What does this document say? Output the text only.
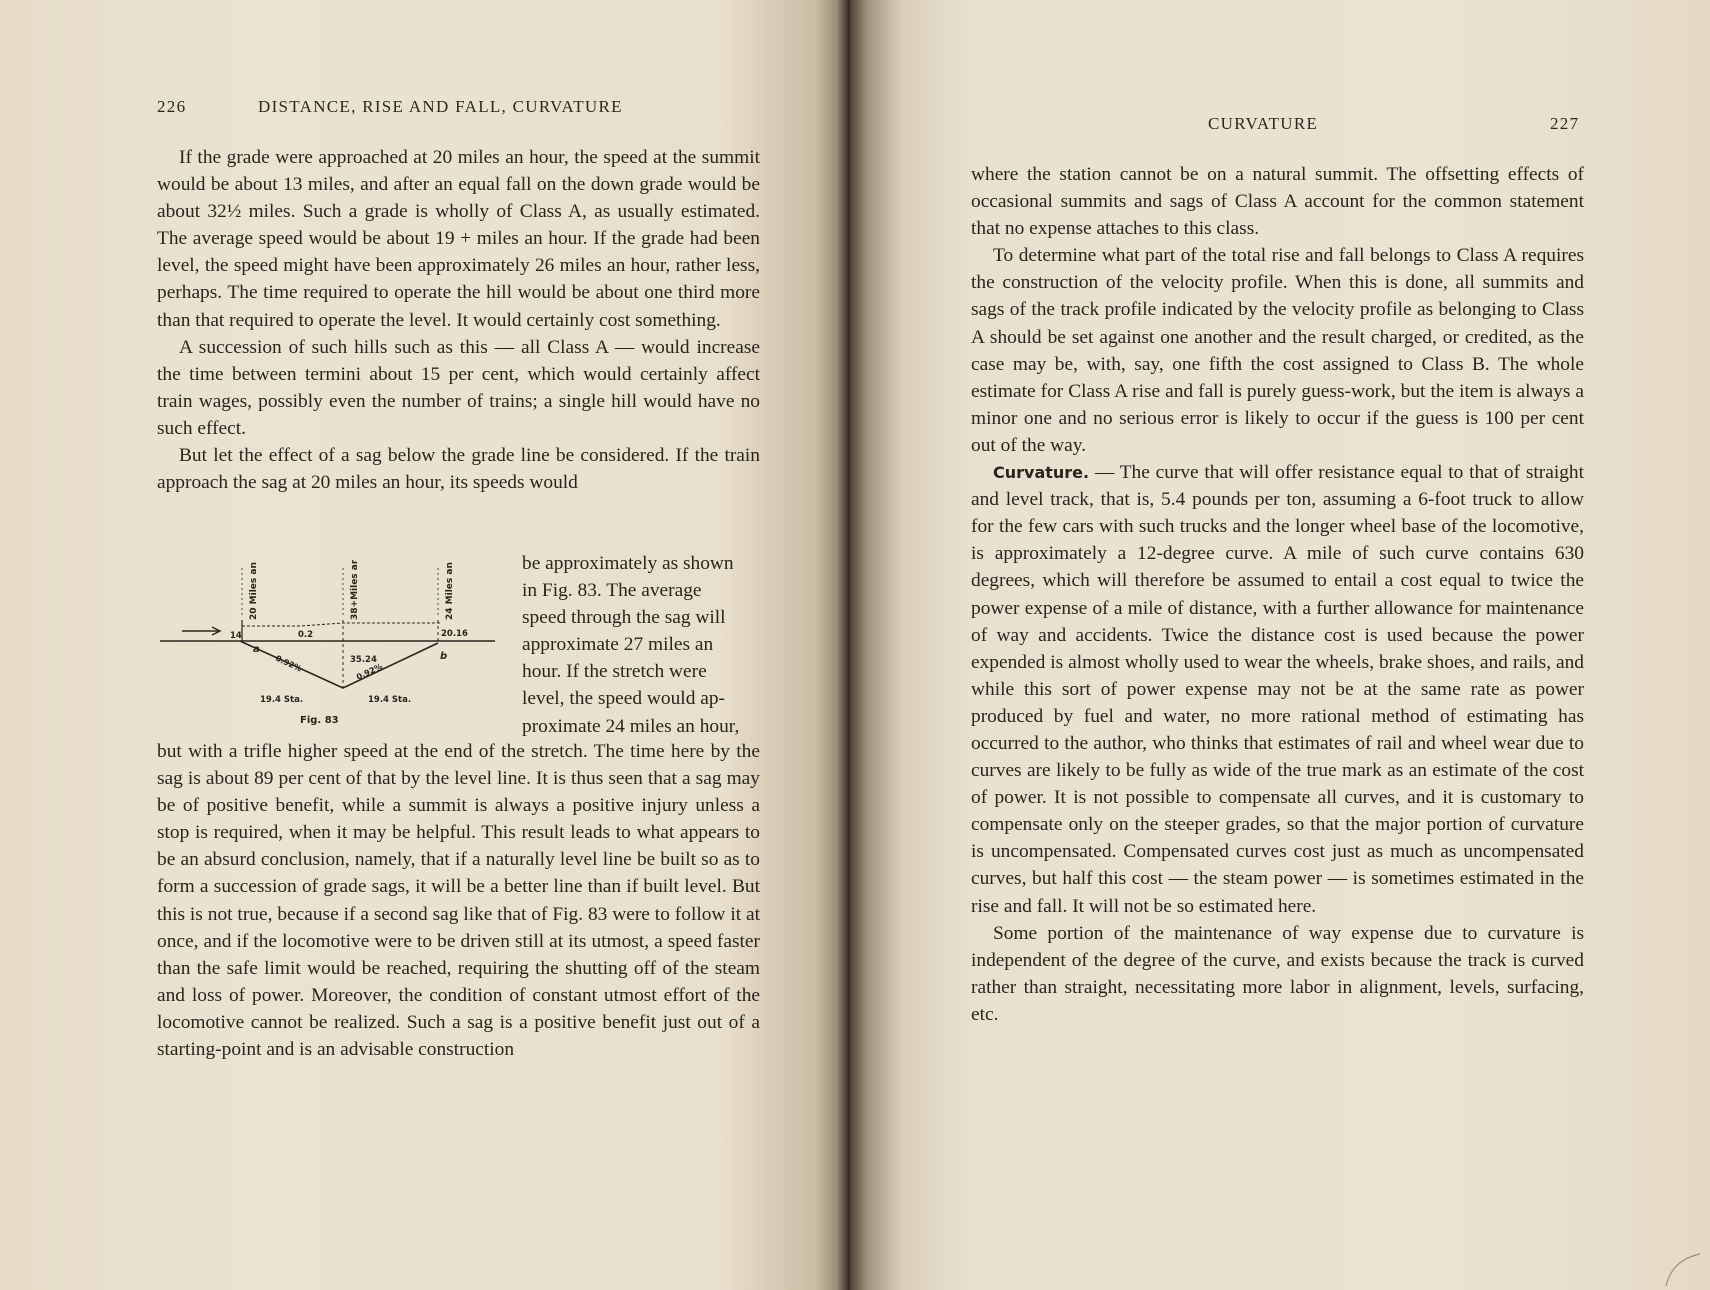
226	DISTANCE, RISE AND FALL, CURVATURE

If the grade were approached at 20 miles an hour, the speed at the summit would be about 13 miles, and after an equal fall on the down grade would be about 32½ miles. Such a grade is wholly of Class A, as usually estimated. The average speed would be about 19 + miles an hour. If the grade had been level, the speed might have been approximately 26 miles an hour, rather less, perhaps. The time required to operate the hill would be about one third more than that required to operate the level. It would certainly cost something.

A succession of such hills such as this — all Class A — would increase the time between termini about 15 per cent, which would certainly affect train wages, possibly even the number of trains; a single hill would have no such effect.

But let the effect of a sag below the grade line be considered. If the train approach the sag at 20 miles an hour, its speeds would

be approximately as shown

in Fig. 83. The average

speed through the sag will

approximate 27 miles an

hour. If the stretch were

level, the speed would ap-

proximate 24 miles an hour,

20 Miles an Hour.	38+Miles an Hour.	24 Miles an Hour.
14	0.2
35.24
20.16
0.92%	0.92%
a
b
19.4 Sta.	19.4 Sta.
Fig. 83

but with a trifle higher speed at the end of the stretch. The time here by the sag is about 89 per cent of that by the level line. It is thus seen that a sag may be of positive benefit, while a summit is always a positive injury unless a stop is required, when it may be helpful. This result leads to what appears to be an absurd conclusion, namely, that if a naturally level line be built so as to form a succession of grade sags, it will be a better line than if built level. But this is not true, because if a second sag like that of Fig. 83 were to follow it at once, and if the locomotive were to be driven still at its utmost, a speed faster than the safe limit would be reached, requiring the shutting off of the steam and loss of power. Moreover, the condition of constant utmost effort of the locomotive cannot be realized. Such a sag is a positive benefit just out of a starting-point and is an advisable construction

CURVATURE	227

where the station cannot be on a natural summit. The offsetting effects of occasional summits and sags of Class A account for the common statement that no expense attaches to this class.

To determine what part of the total rise and fall belongs to Class A requires the construction of the velocity profile. When this is done, all summits and sags of the track profile indicated by the velocity profile as belonging to Class A should be set against one another and the result charged, or credited, as the case may be, with, say, one fifth the cost assigned to Class B. The whole estimate for Class A rise and fall is purely guess-work, but the item is always a minor one and no serious error is likely to occur if the guess is 100 per cent out of the way.

Curvature. — The curve that will offer resistance equal to that of straight and level track, that is, 5.4 pounds per ton, assuming a 6-foot truck to allow for the few cars with such trucks and the longer wheel base of the locomotive, is approximately a 12-degree curve. A mile of such curve contains 630 degrees, which will therefore be assumed to entail a cost equal to twice the power expense of a mile of distance, with a further allowance for maintenance of way and accidents. Twice the distance cost is used because the power expended is almost wholly used to wear the wheels, brake shoes, and rails, and while this sort of power expense may not be at the same rate as power produced by fuel and water, no more rational method of estimating has occurred to the author, who thinks that estimates of rail and wheel wear due to curves are likely to be fully as wide of the true mark as an estimate of the cost of power. It is not possible to compensate all curves, and it is customary to compensate only on the steeper grades, so that the major portion of curvature is uncompensated. Compensated curves cost just as much as uncompensated curves, but half this cost — the steam power — is sometimes estimated in the rise and fall. It will not be so estimated here.

Some portion of the maintenance of way expense due to curvature is independent of the degree of the curve, and exists because the track is curved rather than straight, necessitating more labor in alignment, levels, surfacing, etc.
